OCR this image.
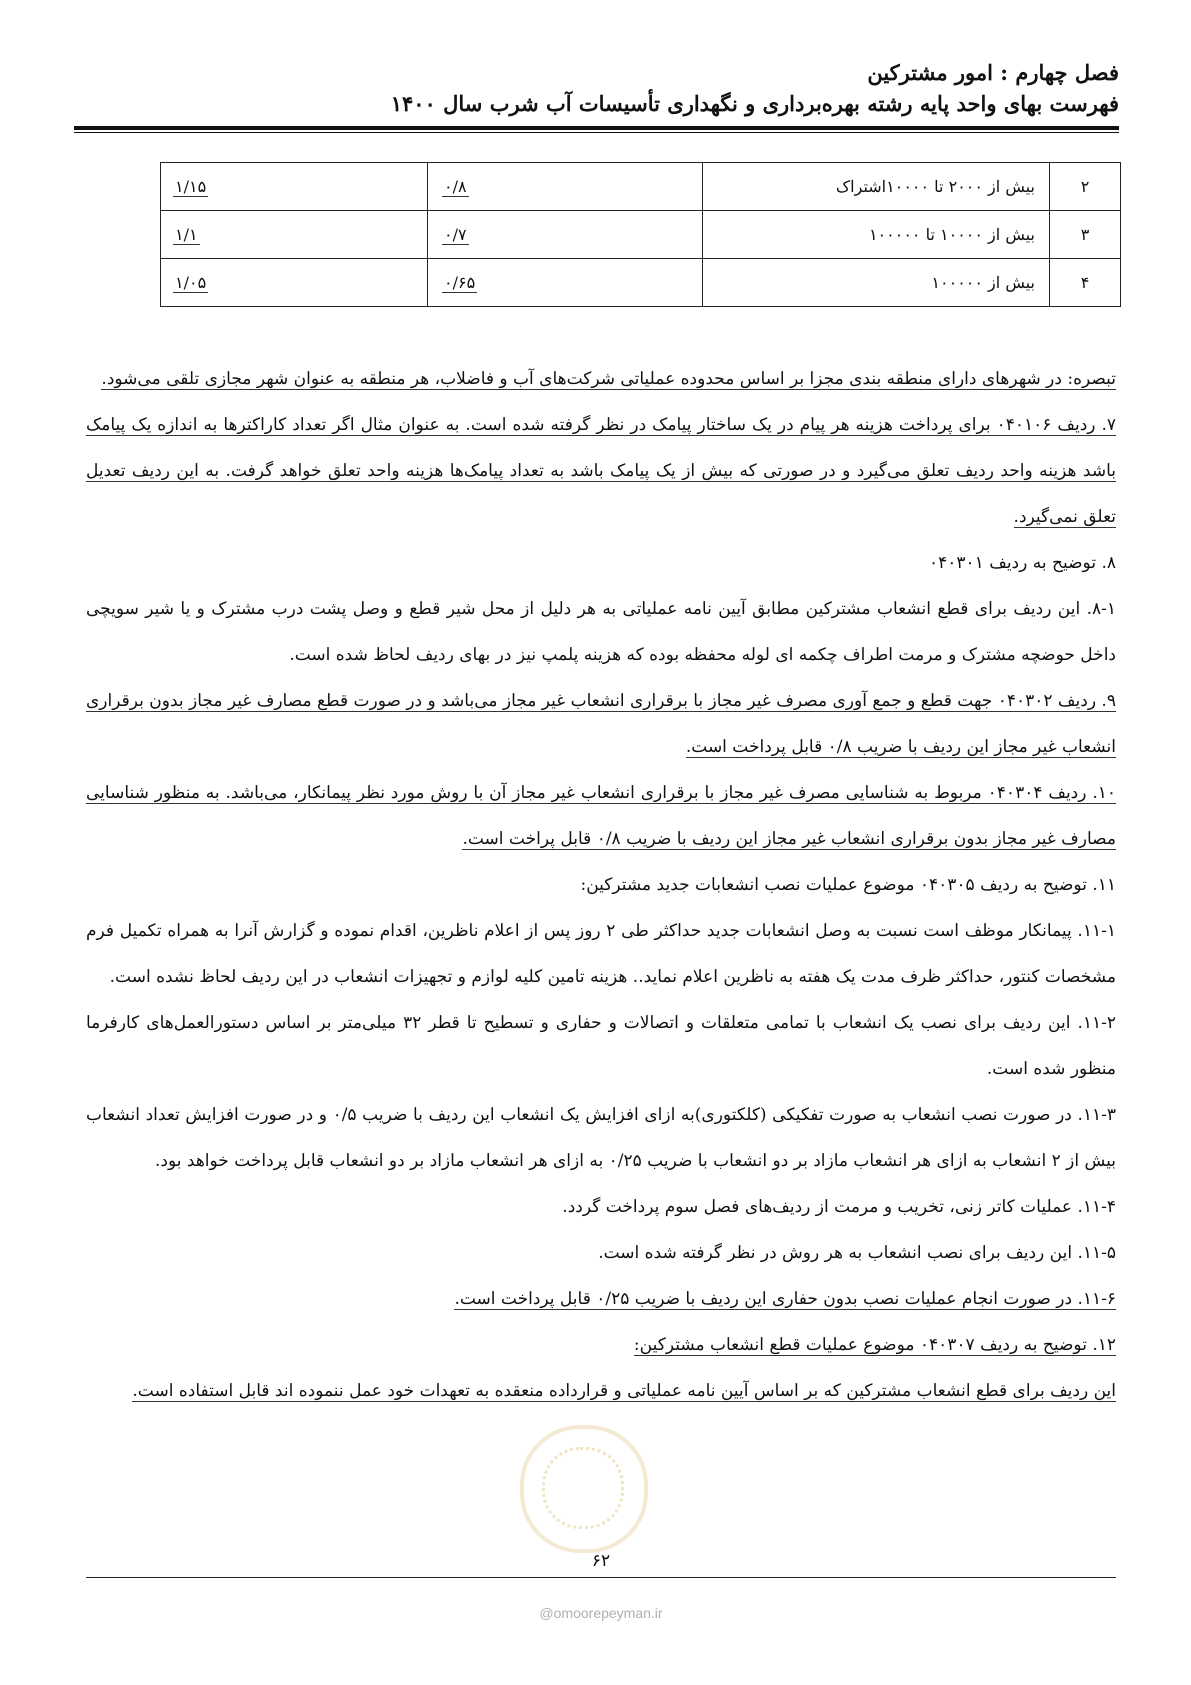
فصل چهارم : امور مشترکین
فهرست بهای واحد پایه رشته بهره‌برداری و نگهداری تأسیسات آب شرب سال ۱۴۰۰
۲	بیش از ۲۰۰۰ تا ۱۰۰۰۰اشتراک	۰/۸	۱/۱۵
۳	بیش از ۱۰۰۰۰ تا ۱۰۰۰۰۰	۰/۷	۱/۱
۴	بیش از ۱۰۰۰۰۰	۰/۶۵	۱/۰۵

تبصره: در شهرهای دارای منطقه بندی مجزا بر اساس محدوده عملیاتی شرکت‌های آب و فاضلاب، هر منطقه به عنوان شهر مجازی تلقی می‌شود.

۷. ردیف ۰۴۰۱۰۶ برای پرداخت هزینه هر پیام در یک ساختار پیامک در نظر گرفته شده است. به عنوان مثال اگر تعداد کاراکترها به اندازه یک پیامک باشد هزینه واحد ردیف تعلق می‌گیرد و در صورتی که بیش از یک پیامک باشد به تعداد پیامک‌ها هزینه واحد تعلق خواهد گرفت. به این ردیف تعدیل تعلق نمی‌گیرد.

۸. توضیح به ردیف ۰۴۰۳۰۱

۸-۱. این ردیف برای قطع انشعاب مشترکین مطابق آیین نامه عملیاتی به هر دلیل از محل شیر قطع و وصل پشت درب مشترک و یا شیر سویچی داخل حوضچه مشترک و مرمت اطراف چکمه ای لوله محفظه بوده که هزینه پلمپ نیز در بهای ردیف لحاظ شده است.

۹. ردیف ۰۴۰۳۰۲ جهت قطع و جمع آوری مصرف غیر مجاز با برقراری انشعاب غیر مجاز می‌باشد و در صورت قطع مصارف غیر مجاز بدون برقراری انشعاب غیر مجاز این ردیف با ضریب ۰/۸ قابل پرداخت است.

۱۰. ردیف ۰۴۰۳۰۴ مربوط به شناسایی مصرف غیر مجاز با برقراری انشعاب غیر مجاز آن با روش مورد نظر پیمانکار، می‌باشد. به منظور شناسایی مصارف غیر مجاز بدون برقراری انشعاب غیر مجاز این ردیف با ضریب ۰/۸ قابل پراخت است.

۱۱. توضیح به ردیف ۰۴۰۳۰۵ موضوع عملیات نصب انشعابات جدید مشترکین:

۱۱-۱. پیمانکار موظف است نسبت به وصل انشعابات جدید حداکثر طی ۲ روز پس از اعلام ناظرین، اقدام نموده و گزارش آنرا به همراه تکمیل فرم مشخصات کنتور، حداکثر ظرف مدت یک هفته به ناظرین اعلام نماید.. هزینه تامین کلیه لوازم و تجهیزات انشعاب در این ردیف لحاظ نشده است.

۱۱-۲. این ردیف برای نصب یک انشعاب با تمامی متعلقات و اتصالات و حفاری و تسطیح تا قطر ۳۲ میلی‌متر بر اساس دستورالعمل‌های کارفرما منظور شده است.

۱۱-۳. در صورت نصب انشعاب به صورت تفکیکی (کلکتوری)به ازای افزایش یک انشعاب این ردیف با ضریب ۰/۵ و در صورت افزایش تعداد انشعاب بیش از ۲ انشعاب به ازای هر انشعاب مازاد بر دو انشعاب با ضریب ۰/۲۵ به ازای هر انشعاب مازاد بر دو انشعاب قابل پرداخت خواهد بود.

۱۱-۴. عملیات کاتر زنی، تخریب و مرمت از ردیف‌های فصل سوم پرداخت گردد.

۱۱-۵. این ردیف برای نصب انشعاب به هر روش در نظر گرفته شده است.

۱۱-۶. در صورت انجام عملیات نصب بدون حفاری این ردیف با ضریب ۰/۲۵ قابل پرداخت است.

۱۲. توضیح به ردیف ۰۴۰۳۰۷ موضوع عملیات قطع انشعاب مشترکین:

این ردیف برای قطع انشعاب مشترکین که بر اساس آیین نامه عملیاتی و قرارداده منعقده به تعهدات خود عمل ننموده اند قابل استفاده است.

۶۲
@omoorepeyman.ir
